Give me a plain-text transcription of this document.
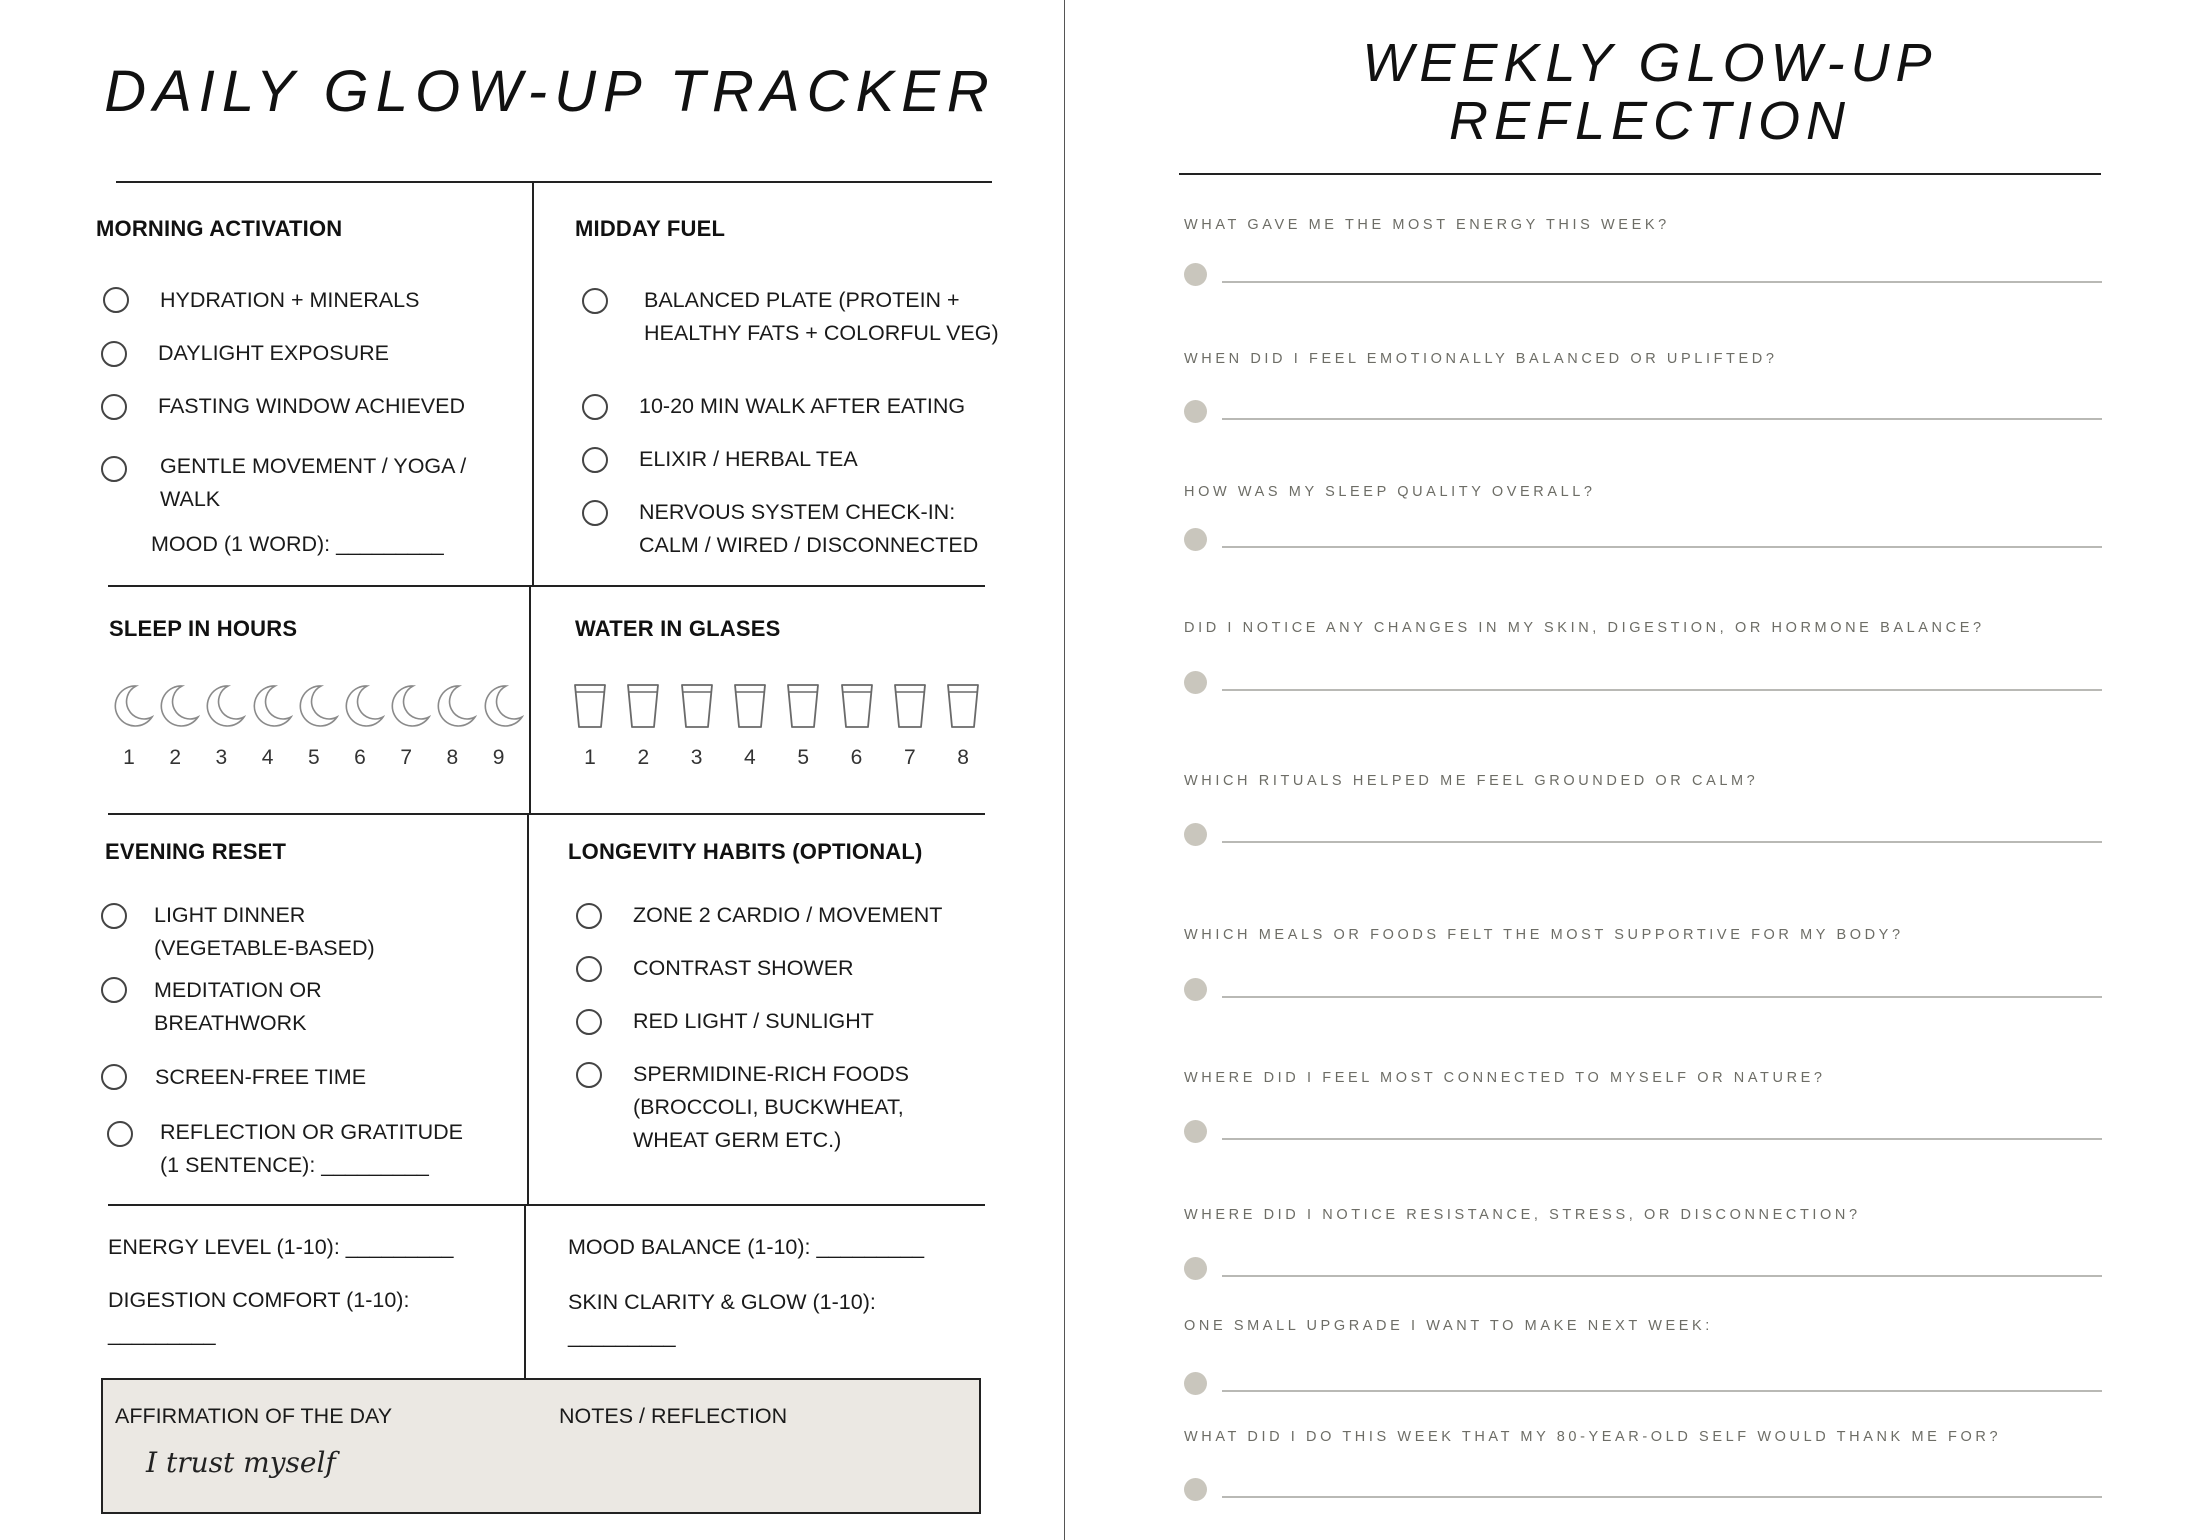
DAILY GLOW-UP TRACKER
MORNING ACTIVATION
HYDRATION + MINERALS
DAYLIGHT EXPOSURE
FASTING WINDOW ACHIEVED
GENTLE MOVEMENT / YOGA /
WALK
MOOD (1 WORD): _________
MIDDAY FUEL
BALANCED PLATE (PROTEIN +
HEALTHY FATS + COLORFUL VEG)
10-20 MIN WALK AFTER EATING
ELIXIR / HERBAL TEA
NERVOUS SYSTEM CHECK-IN:
CALM / WIRED / DISCONNECTED
SLEEP IN HOURS
1	2	3	4	5	6	7	8	9
WATER IN GLASES
1	2	3	4	5	6	7	8
EVENING RESET
LIGHT DINNER
(VEGETABLE-BASED)
MEDITATION OR
BREATHWORK
SCREEN-FREE TIME
REFLECTION OR GRATITUDE
(1 SENTENCE): _________
LONGEVITY HABITS (OPTIONAL)
ZONE 2 CARDIO / MOVEMENT
CONTRAST SHOWER
RED LIGHT / SUNLIGHT
SPERMIDINE-RICH FOODS
(BROCCOLI, BUCKWHEAT,
WHEAT GERM ETC.)
ENERGY LEVEL (1-10): _________
DIGESTION COMFORT (1-10):
_________
MOOD BALANCE (1-10): _________
SKIN CLARITY & GLOW (1-10):
_________
AFFIRMATION OF THE DAY
I trust myself
NOTES / REFLECTION
WEEKLY GLOW-UP
REFLECTION
WHAT GAVE ME THE MOST ENERGY THIS WEEK?
WHEN DID I FEEL EMOTIONALLY BALANCED OR UPLIFTED?
HOW WAS MY SLEEP QUALITY OVERALL?
DID I NOTICE ANY CHANGES IN MY SKIN, DIGESTION, OR HORMONE BALANCE?
WHICH RITUALS HELPED ME FEEL GROUNDED OR CALM?
WHICH MEALS OR FOODS FELT THE MOST SUPPORTIVE FOR MY BODY?
WHERE DID I FEEL MOST CONNECTED TO MYSELF OR NATURE?
WHERE DID I NOTICE RESISTANCE, STRESS, OR DISCONNECTION?
ONE SMALL UPGRADE I WANT TO MAKE NEXT WEEK:
WHAT DID I DO THIS WEEK THAT MY 80-YEAR-OLD SELF WOULD THANK ME FOR?
